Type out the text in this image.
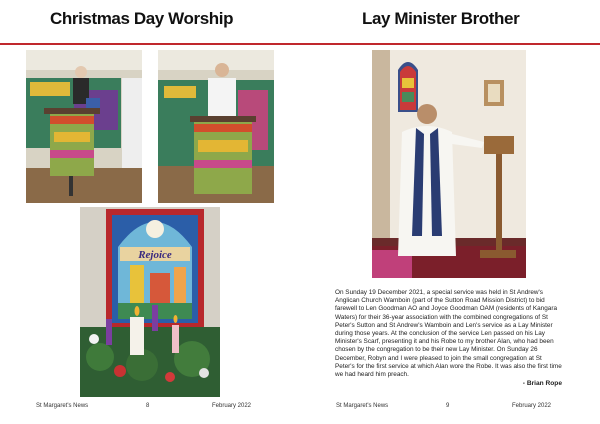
Christmas Day Worship
Rejoice
St Margaret's News	8	February 2022
Lay Minister Brother
On Sunday 19 December 2021, a special service was held in St Andrew's Anglican Church Wamboin (part of the Sutton Road Mission District) to bid farewell to Len Goodman AO and Joyce Goodman OAM (residents of Kangara Waters) for their 36-year association with the combined congregations of St Peter's Sutton and St Andrew's Wamboin and Len's service as a Lay Minister during those years. At the conclusion of the service Len passed on his Lay Minister's Scarf, presenting it and his Robe to my brother Alan, who had been chosen by the congregation to be their new Lay Minister. On Sunday 26 December, Robyn and I were pleased to join the small congregation at St Peter's for the first service at which Alan wore the Robe. It was also the first time we had heard him preach.
- Brian Rope
St Margaret's News	9	February 2022
